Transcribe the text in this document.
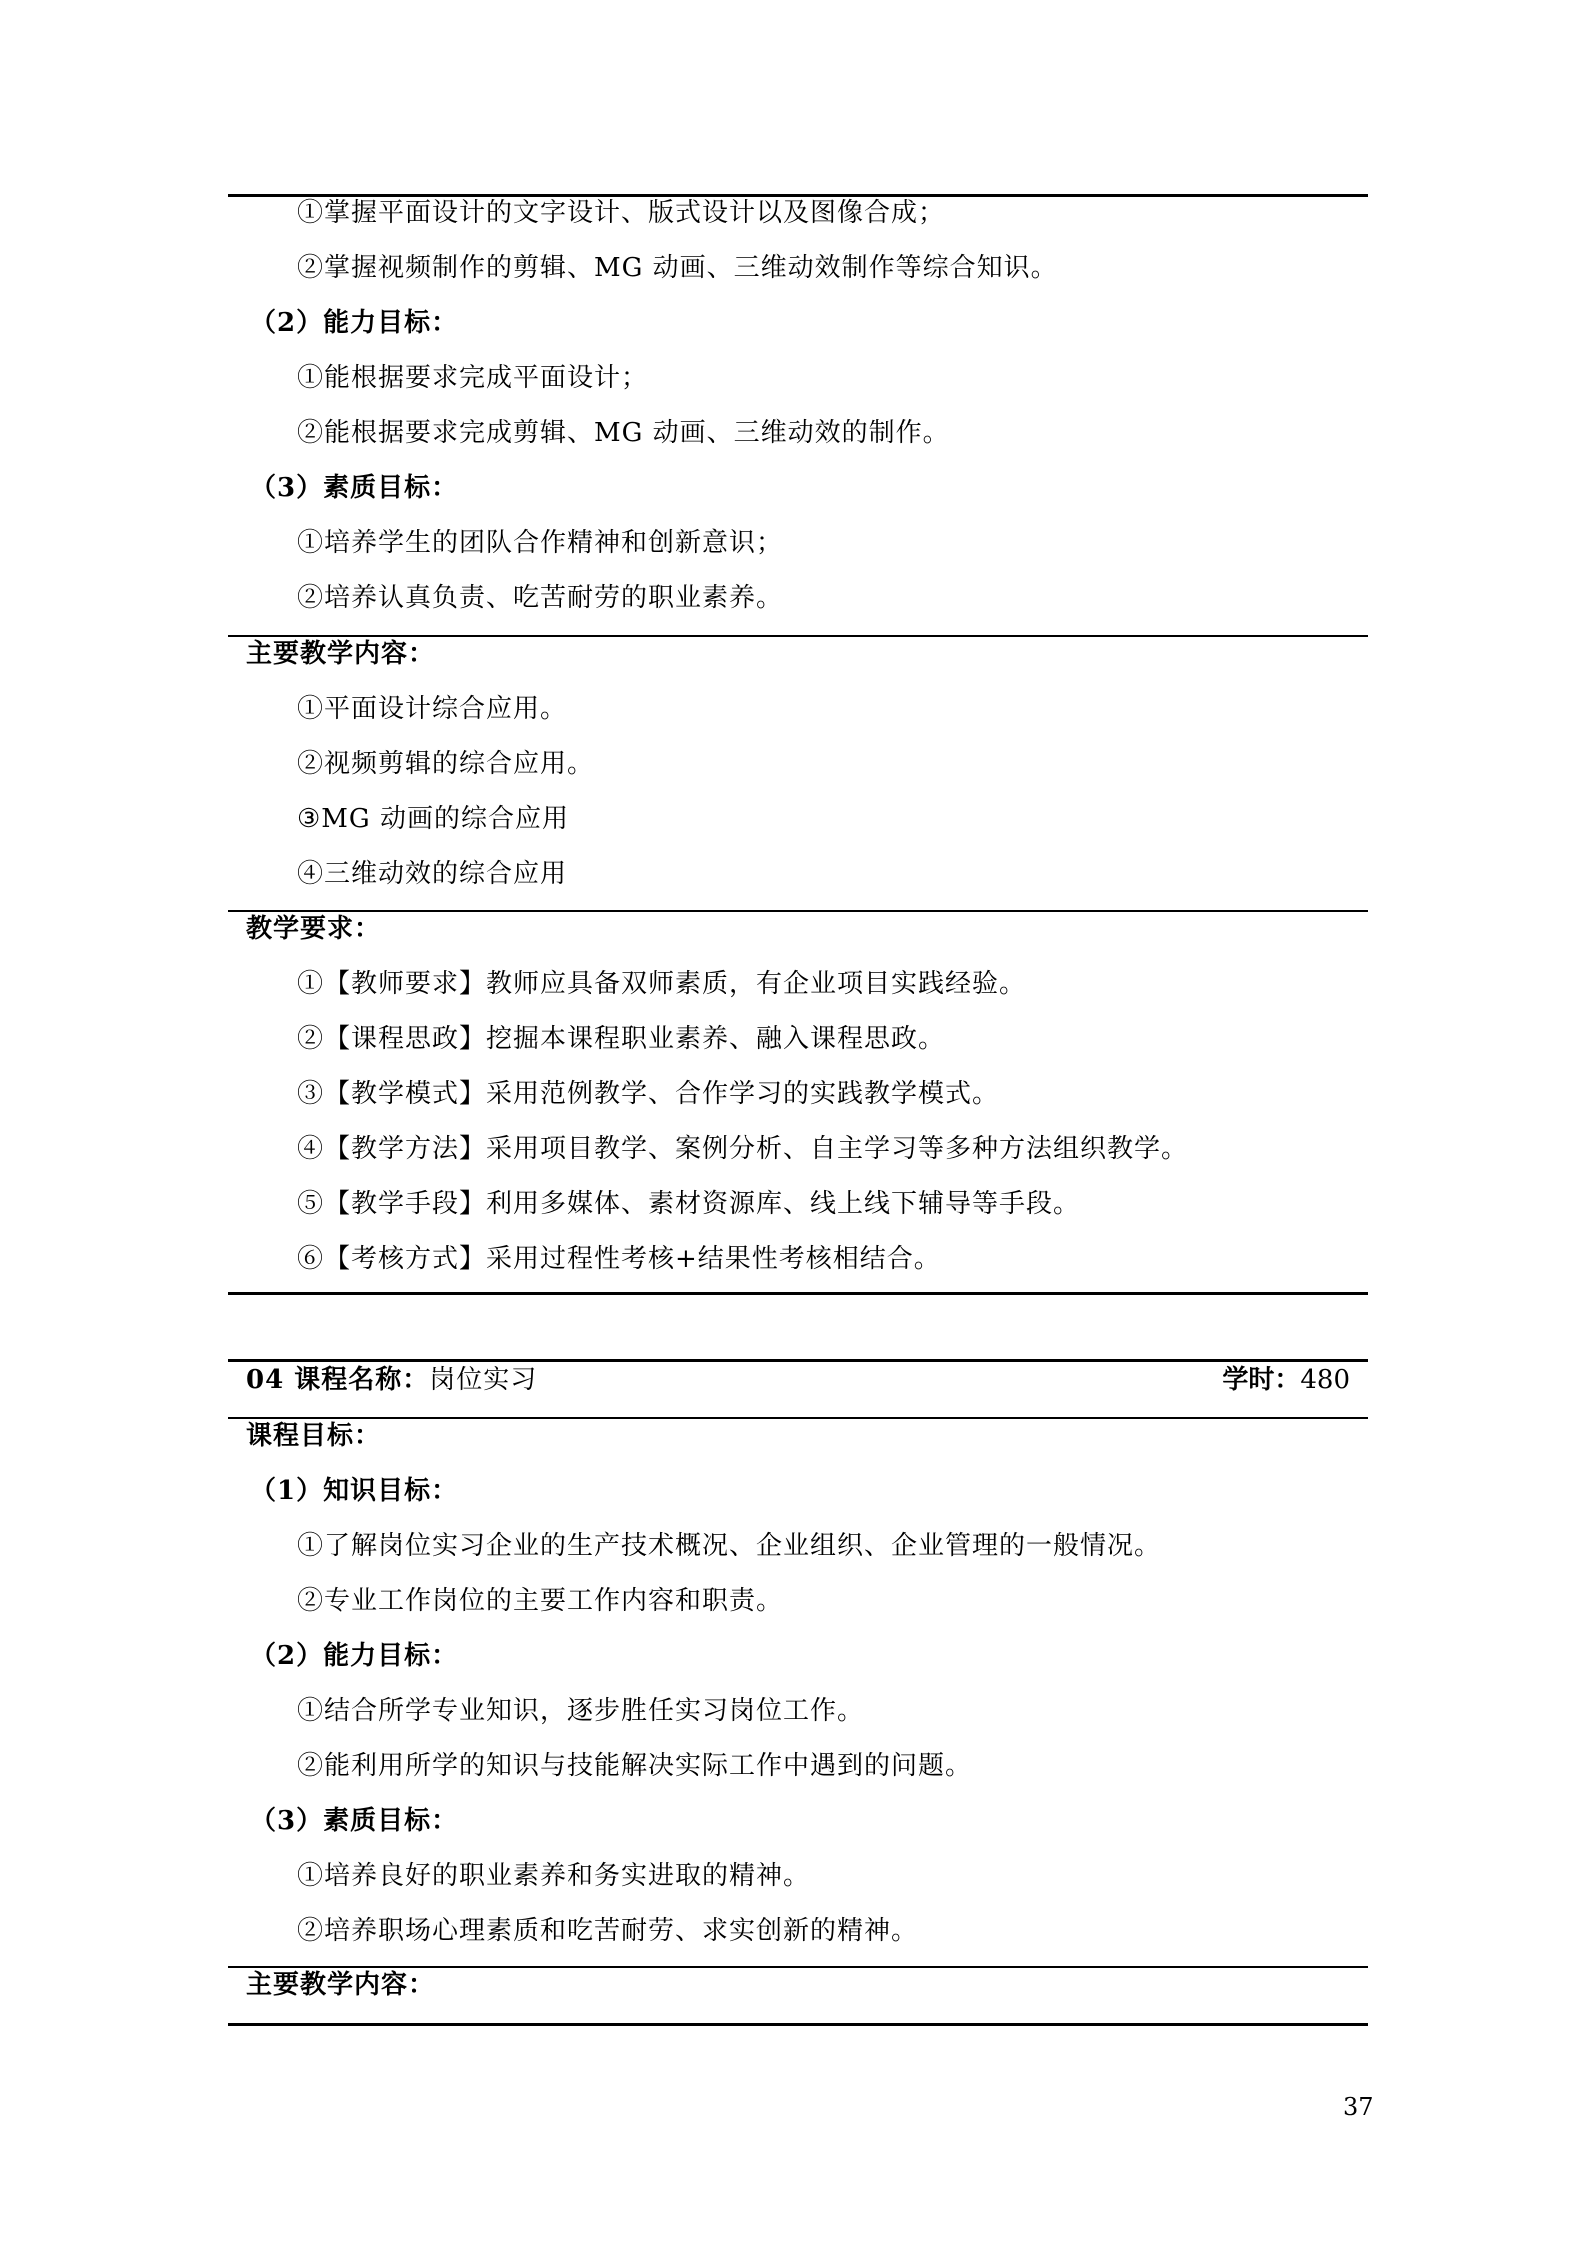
①掌握平面设计的文字设计、版式设计以及图像合成；
②掌握视频制作的剪辑、MG 动画、三维动效制作等综合知识。
（2）能力目标：
①能根据要求完成平面设计；
②能根据要求完成剪辑、MG 动画、三维动效的制作。
（3）素质目标：
①培养学生的团队合作精神和创新意识；
②培养认真负责、吃苦耐劳的职业素养。
主要教学内容：
①平面设计综合应用。
②视频剪辑的综合应用。
③MG 动画的综合应用
④三维动效的综合应用
教学要求：
①【教师要求】教师应具备双师素质，有企业项目实践经验。
②【课程思政】挖掘本课程职业素养、融入课程思政。
③【教学模式】采用范例教学、合作学习的实践教学模式。
④【教学方法】采用项目教学、案例分析、自主学习等多种方法组织教学。
⑤【教学手段】利用多媒体、素材资源库、线上线下辅导等手段。
⑥【考核方式】采用过程性考核+结果性考核相结合。
04 课程名称：岗位实习	学时：480
课程目标：
（1）知识目标：
①了解岗位实习企业的生产技术概况、企业组织、企业管理的一般情况。
②专业工作岗位的主要工作内容和职责。
（2）能力目标：
①结合所学专业知识，逐步胜任实习岗位工作。
②能利用所学的知识与技能解决实际工作中遇到的问题。
（3）素质目标：
①培养良好的职业素养和务实进取的精神。
②培养职场心理素质和吃苦耐劳、求实创新的精神。
主要教学内容：
37
